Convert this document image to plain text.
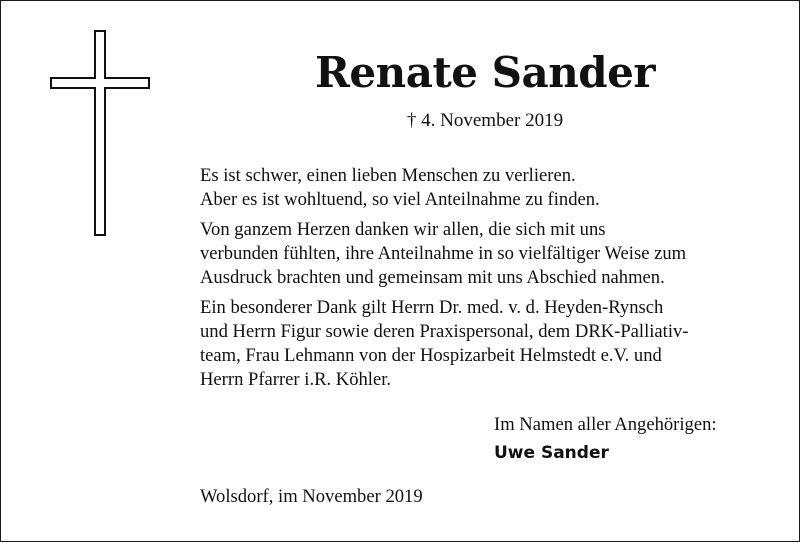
Renate Sander
† 4. November 2019

Es ist schwer, einen lieben Menschen zu verlieren.
Aber es ist wohltuend, so viel Anteilnahme zu finden.

Von ganzem Herzen danken wir allen, die sich mit uns
verbunden fühlten, ihre Anteilnahme in so vielfältiger Weise zum
Ausdruck brachten und gemeinsam mit uns Abschied nahmen.

Ein besonderer Dank gilt Herrn Dr. med. v. d. Heyden-Rynsch
und Herrn Figur sowie deren Praxispersonal, dem DRK-Palliativ-
team, Frau Lehmann von der Hospizarbeit Helmstedt e.V. und
Herrn Pfarrer i.R. Köhler.

Im Namen aller Angehörigen:
Uwe Sander
Wolsdorf, im November 2019
